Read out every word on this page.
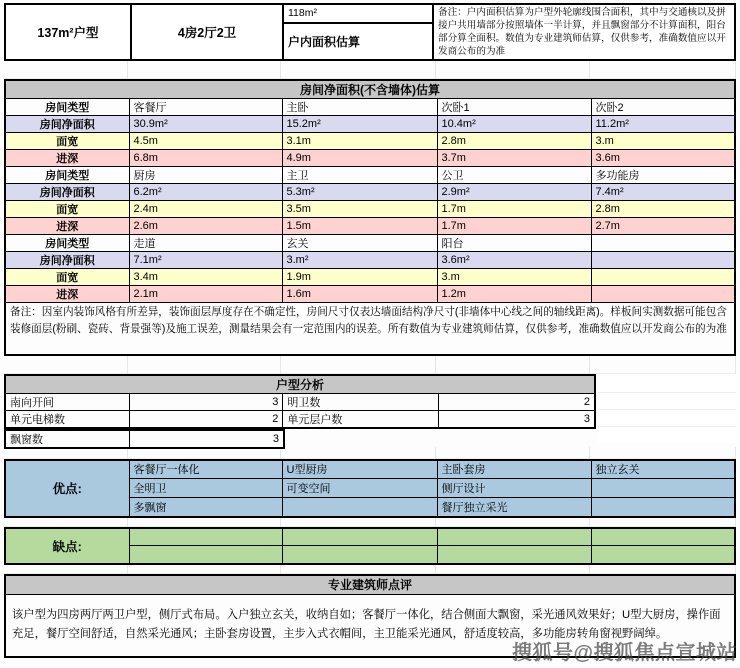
137m²户型	4房2厅2卫
118m²
户内面积估算
备注：户内面积估算为户型外轮廓线围合面积，其中与交通核以及拼接户共用墙部分按照墙体一半计算，并且飘窗部分不计算面积，阳台部分算全面积。数值为专业建筑师估算，仅供参考，准确数值应以开发商公布的为准
房间净面积(不含墙体)估算				
房间类型	客餐厅	主卧	次卧1	次卧2
房间净面积	30.9m²	15.2m²	10.4m²	11.2m²
面宽	4.5m	3.1m	2.8m	3.m
进深	6.8m	4.9m	3.7m	3.6m
房间类型	厨房	主卫	公卫	多功能房
房间净面积	6.2m²	5.3m²	2.9m²	7.4m²
面宽	2.4m	3.5m	1.7m	2.8m
进深	2.6m	1.5m	1.7m	2.7m
房间类型	走道	玄关	阳台	
房间净面积	7.1m²	3.m²	3.6m²	
面宽	3.4m	1.9m	3.m	
进深	2.1m	1.6m	1.2m	
备注：因室内装饰风格有所差异，装饰面层厚度存在不确定性，房间尺寸仅表达墙面结构净尺寸(非墙体中心线之间的轴线距离)。样板间实测数据可能包含装修面层(粉刷、瓷砖、背景强等)及施工误差，测量结果会有一定范围内的误差。所有数值为专业建筑师估算，仅供参考，准确数值应以开发商公布的为准				
户型分析			
南向开间	3	明卫数	2
单元电梯数	2	单元层户数	3
飘窗数	3
优点:	客餐厅一体化	U型厨房	主卧套房	独立玄关
	全明卫	可变空间	侧厅设计	
	多飘窗		餐厅独立采光	
缺点:				

专业建筑师点评
该户型为四房两厅两卫户型，侧厅式布局。入户独立玄关，收纳自如；客餐厅一体化，结合侧面大飘窗，采光通风效果好；U型大厨房，操作面充足，餐厅空间舒适，自然采光通风；主卧套房设置，主步入式衣帽间，主卫能采光通风，舒适度较高，多功能房转角窗视野阔绰。
搜狐号@搜狐焦点宣城站
